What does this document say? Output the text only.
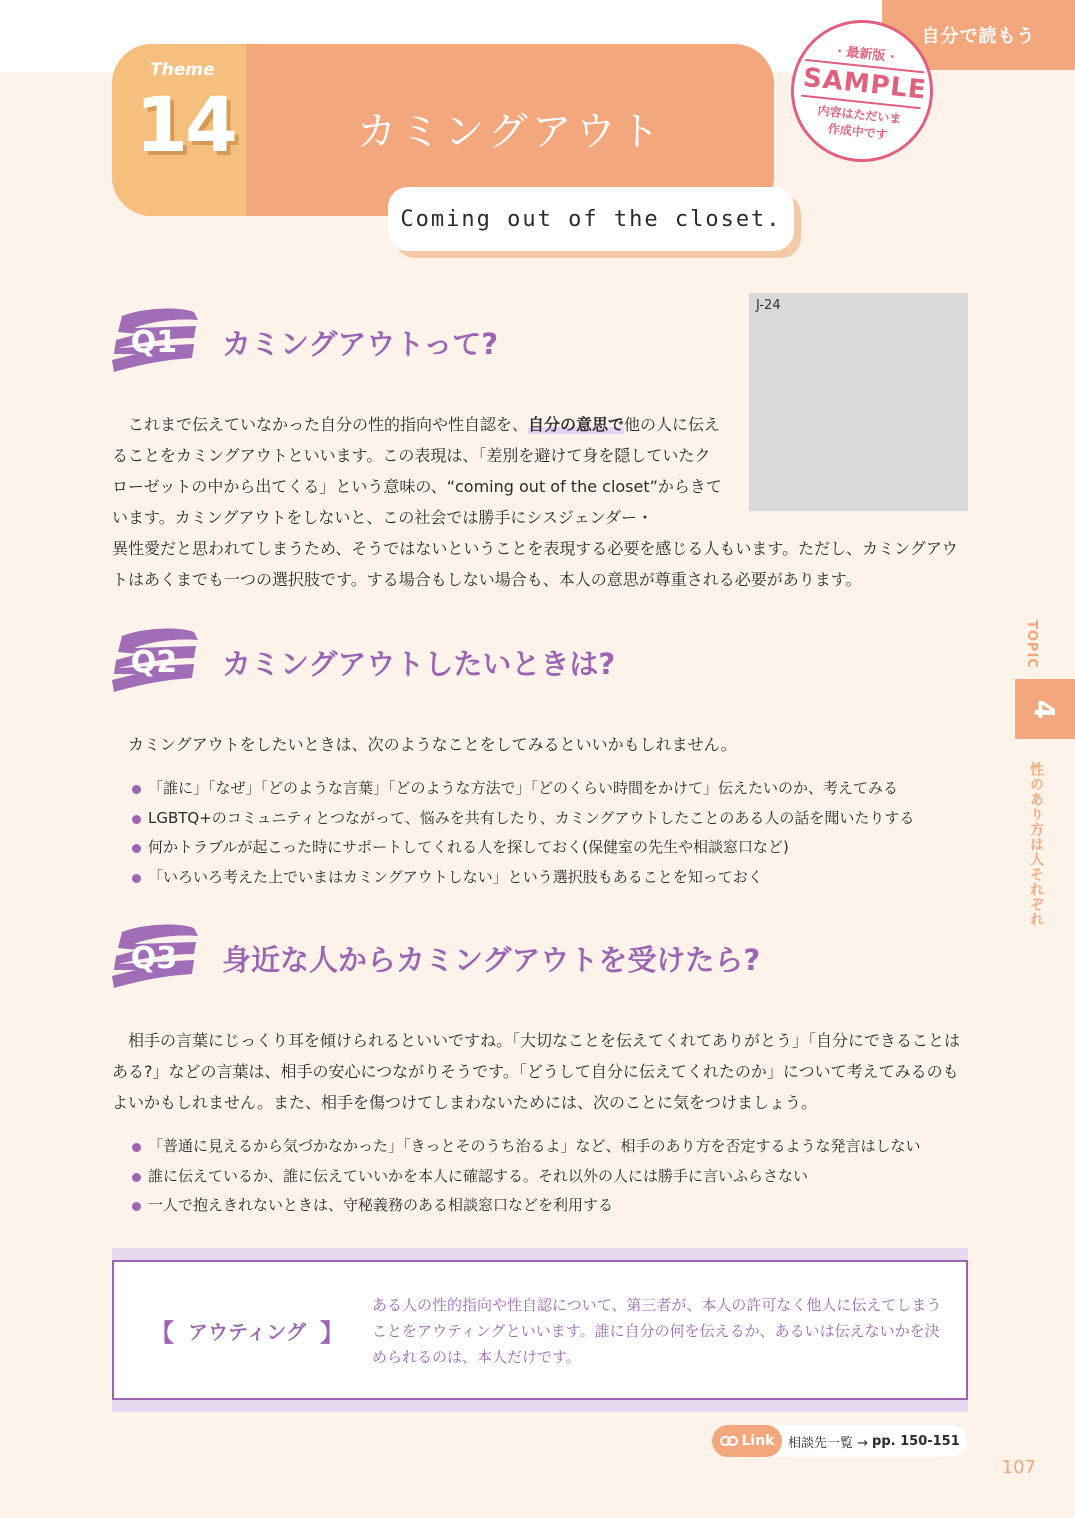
自分で読もう
Theme
14	カミングアウト
Coming out of the closet.
· 最新版 ·
SAMPLE
内容はただいま
作成中です
J-24
Q1	カミングアウトって?

　これまで伝えていなかった自分の性的指向や性自認を、自分の意思で他の人に伝えることをカミングアウトといいます。この表現は、「差別を避けて身を隠していたクローゼットの中から出てくる」という意味の、“coming out of the closet”からきています。カミングアウトをしないと、この社会では勝手にシスジェンダー・

異性愛だと思われてしまうため、そうではないということを表現する必要を感じる人もいます。ただし、カミングアウトはあくまでも一つの選択肢です。する場合もしない場合も、本人の意思が尊重される必要があります。

Q2	カミングアウトしたいときは?

　カミングアウトをしたいときは、次のようなことをしてみるといいかもしれません。

「誰に」「なぜ」「どのような言葉」「どのような方法で」「どのくらい時間をかけて」伝えたいのか、考えてみる
LGBTQ+のコミュニティとつながって、悩みを共有したり、カミングアウトしたことのある人の話を聞いたりする
何かトラブルが起こった時にサポートしてくれる人を探しておく(保健室の先生や相談窓口など)
「いろいろ考えた上でいまはカミングアウトしない」という選択肢もあることを知っておく
Q3	身近な人からカミングアウトを受けたら?

　相手の言葉にじっくり耳を傾けられるといいですね。「大切なことを伝えてくれてありがとう」「自分にできることはある?」などの言葉は、相手の安心につながりそうです。「どうして自分に伝えてくれたのか」について考えてみるのもよいかもしれません。また、相手を傷つけてしまわないためには、次のことに気をつけましょう。

「普通に見えるから気づかなかった」「きっとそのうち治るよ」など、相手のあり方を否定するような発言はしない
誰に伝えているか、誰に伝えていいかを本人に確認する。それ以外の人には勝手に言いふらさない
一人で抱えきれないときは、守秘義務のある相談窓口などを利用する
TOPIC
4
性のあり方は人それぞれ
【 アウティング 】
ある人の性的指向や性自認について、第三者が、本人の許可なく他人に伝えてしまうことをアウティングといいます。誰に自分の何を伝えるか、あるいは伝えないかを決められるのは、本人だけです。
Link 相談先一覧 → pp. 150-151
107
